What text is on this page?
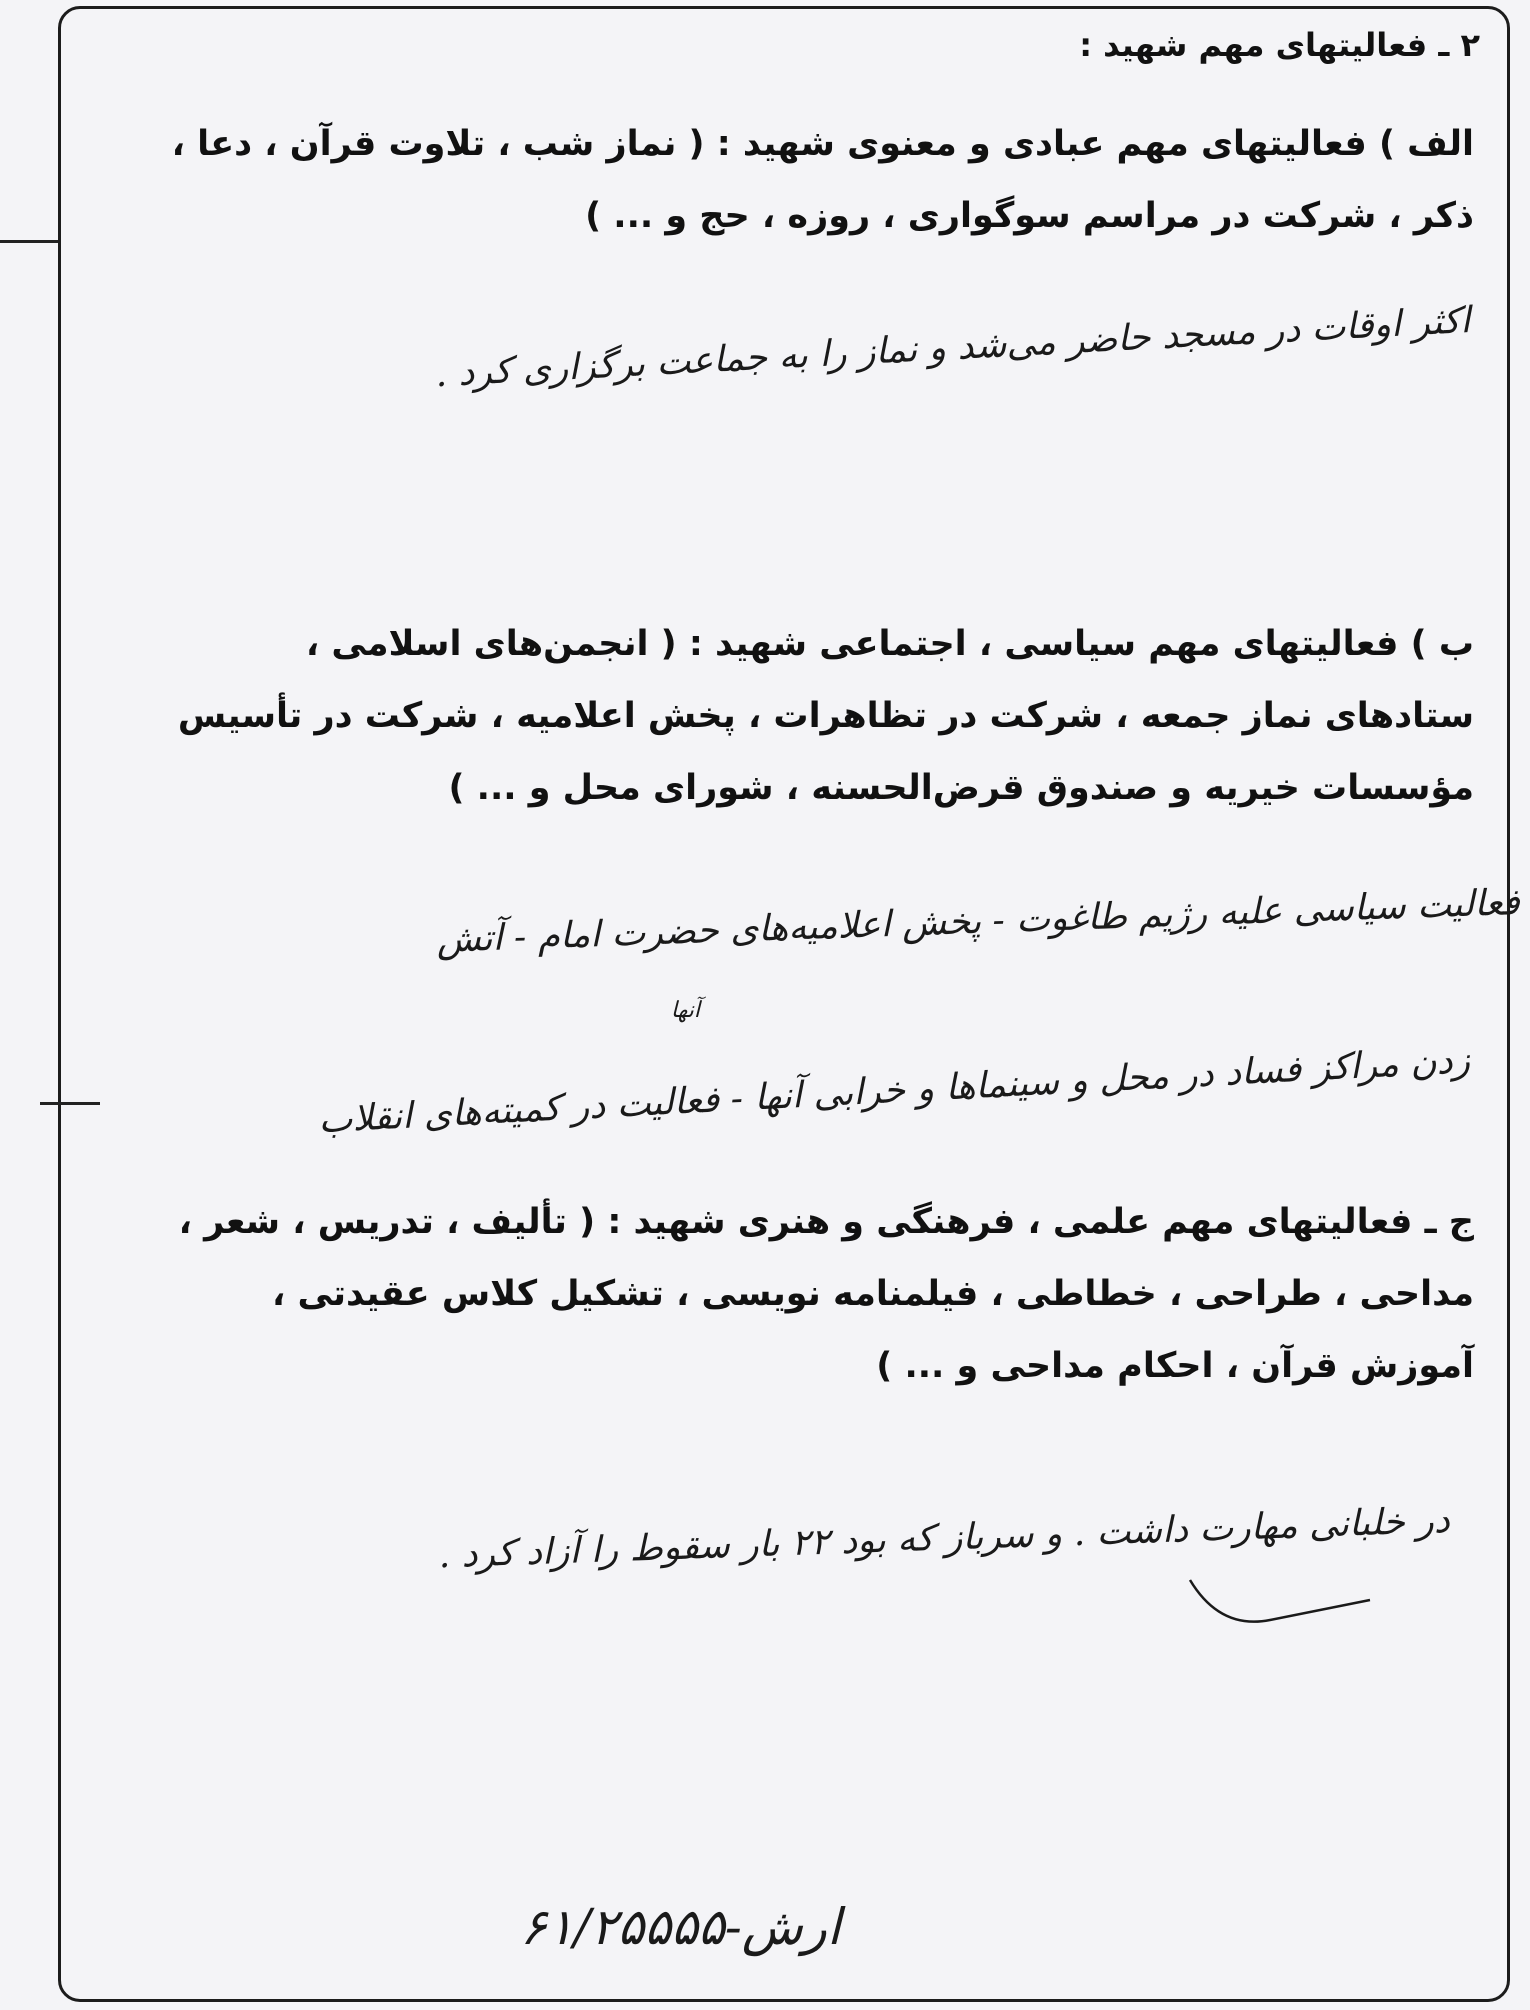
۲ ـ فعالیتهای مهم شهید :
الف ) فعالیتهای مهم عبادی و معنوی شهید : ( نماز شب ، تلاوت قرآن ، دعا ،
ذکر ، شرکت در مراسم سوگواری ، روزه ، حج و ... )
اکثر اوقات در مسجد حاضر می‌شد و نماز را به جماعت برگزاری کرد .
ب ) فعالیتهای مهم سیاسی ، اجتماعی شهید : ( انجمن‌های اسلامی ،
ستادهای نماز جمعه ، شرکت در تظاهرات ، پخش اعلامیه ، شرکت در تأسیس
مؤسسات خیریه و صندوق قرض‌الحسنه ، شورای محل و ... )
فعالیت سیاسی علیه رژیم طاغوت - پخش اعلامیه‌های حضرت امام - آتش
آنها
زدن مراکز فساد در محل و سینماها و خرابی آنها - فعالیت در کمیته‌های انقلاب
ج ـ فعالیتهای مهم علمی ، فرهنگی و هنری شهید : ( تألیف ، تدریس ، شعر ،
مداحی ، طراحی ، خطاطی ، فیلمنامه نویسی ، تشکیل کلاس عقیدتی ،
آموزش قرآن ، احکام مداحی و ... )
در خلبانی مهارت داشت . و سرباز که بود ۲۲ بار سقوط را آزاد کرد .
ارش-۶۱/۲۵۵۵۵
